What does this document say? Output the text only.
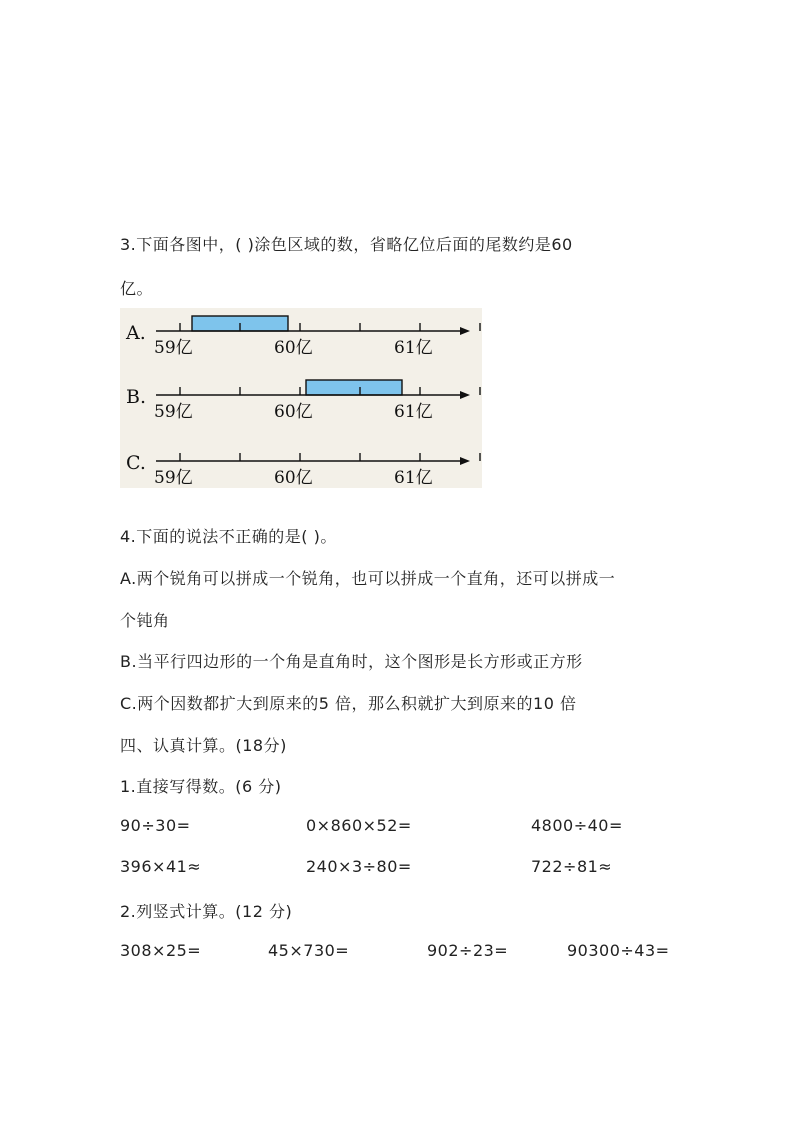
3.下面各图中，( )涂色区域的数，省略亿位后面的尾数约是60
亿。
A.
59亿	60亿	61亿
B.
59亿	60亿	61亿
C.
59亿	60亿	61亿
4.下面的说法不正确的是( )。
A.两个锐角可以拼成一个锐角，也可以拼成一个直角，还可以拼成一
个钝角
B.当平行四边形的一个角是直角时，这个图形是长方形或正方形
C.两个因数都扩大到原来的5 倍，那么积就扩大到原来的10 倍
四、认真计算。(18分)
1.直接写得数。(6 分)
90÷30=	0×860×52=	4800÷40=
396×41≈	240×3÷80=	722÷81≈
2.列竖式计算。(12 分)
308×25=	45×730=	902÷23=	90300÷43=
